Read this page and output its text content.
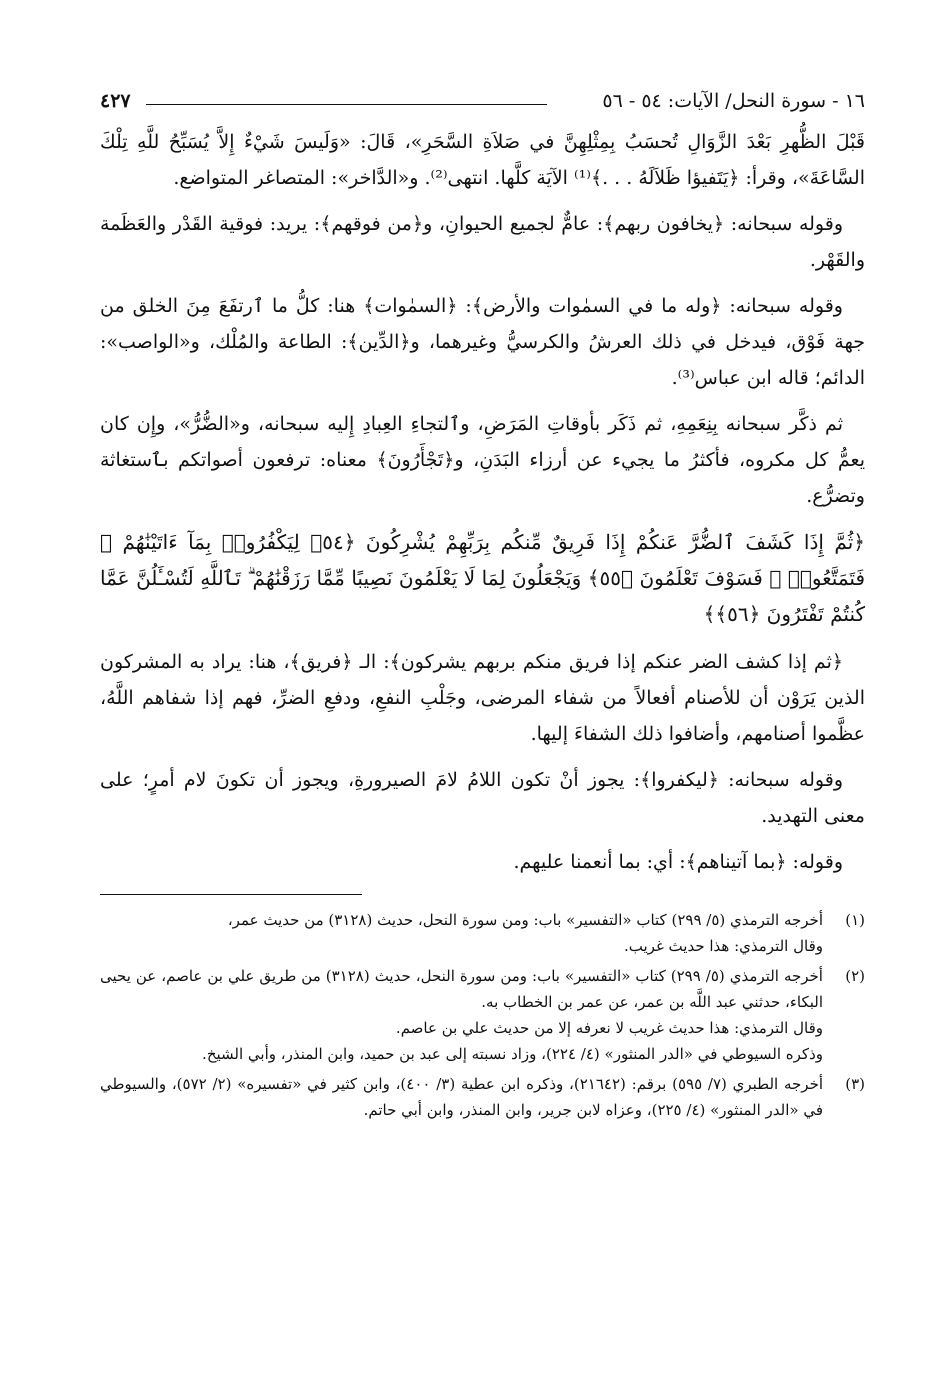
٤٢٧	١٦ - سورة النحل/ الآيات: ٥٤ - ٥٦

قَبْلَ الظُّهرِ بَعْدَ الزَّوَالِ تُحسَبُ بِمِثْلِهِنَّ في صَلاَةِ السَّحَرِ»، قَالَ: «وَلَيسَ شَيْءٌ إِلاَّ يُسَبِّحُ للَّهِ تِلْكَ السَّاعَةَ»، وقرأ: ﴿يَتَفيؤا ظَلاَلَهُ . . .﴾⁽¹⁾ الآيَة كلَّها. انتهى⁽²⁾. و«الدَّاخر»: المتصاغر المتواضع.

وقوله سبحانه: ﴿يخافون ربهم﴾: عامٌّ لجميع الحيوانِ، و﴿من فوقهم﴾: يريد: فوقية القَدْر والعَظَمة والقَهْر.

وقوله سبحانه: ﴿وله ما في السمٰوات والأرض﴾: ﴿السمٰوات﴾ هنا: كلُّ ما ٱرتفَعَ مِنَ الخلق من جهة فَوْق، فيدخل في ذلك العرشُ والكرسيُّ وغيرهما، و﴿الدِّين﴾: الطاعة والمُلْك، و«الواصب»: الدائم؛ قاله ابن عباس⁽³⁾.

ثم ذكَّر سبحانه بِنِعَمِهِ، ثم ذَكَر بأوقاتِ المَرَضِ، وٱلتجاءِ العِبادِ إِليه سبحانه، و«الضُّرُّ»، وإِن كان يعمُّ كل مكروه، فأكثرُ ما يجيء عن أرزاء البَدَنِ، و﴿تَجْأَرُونَ﴾ معناه: ترفعون أصواتكم بٱستغاثة وتضرُّع.

﴿ثُمَّ إِذَا كَشَفَ ٱلضُّرَّ عَنكُمْ إِذَا فَرِيقٌ مِّنكُم بِرَبِّهِمْ يُشْرِكُونَ ﴿٥٤﴾ لِيَكْفُرُوا۟ بِمَآ ءَاتَيْنَٰهُمْ ۚ فَتَمَتَّعُوا۟ ۖ فَسَوْفَ تَعْلَمُونَ ﴿٥٥﴾ وَيَجْعَلُونَ لِمَا لَا يَعْلَمُونَ نَصِيبًا مِّمَّا رَزَقْنَٰهُمْ ۗ تَٱللَّهِ لَتُسْـَٔلُنَّ عَمَّا كُنتُمْ تَفْتَرُونَ ﴿٥٦﴾﴾

﴿ثم إذا كشف الضر عنكم إذا فريق منكم بربهم يشركون﴾: الـ ﴿فريق﴾، هنا: يراد به المشركون الذين يَرَوْن أن للأصنام أفعالاً من شفاء المرضى، وجَلْبِ النفعِ، ودفعِ الضرِّ، فهم إذا شفاهم اللَّهُ، عظَّموا أصنامهم، وأضافوا ذلك الشفاءَ إليها.

وقوله سبحانه: ﴿ليكفروا﴾: يجوز أنْ تكون اللامُ لامَ الصيرورةِ، ويجوز أن تكونَ لام أمرٍ؛ على معنى التهديد.

وقوله: ﴿بما آتيناهم﴾: أي: بما أنعمنا عليهم.

(١)
أخرجه الترمذي (٥/ ٢٩٩) كتاب «التفسير» باب: ومن سورة النحل، حديث (٣١٢٨) من حديث عمر،
وقال الترمذي: هذا حديث غريب.
(٢)
أخرجه الترمذي (٥/ ٢٩٩) كتاب «التفسير» باب: ومن سورة النحل، حديث (٣١٢٨) من طريق علي بن عاصم، عن يحيى البكاء، حدثني عبد اللَّه بن عمر، عن عمر بن الخطاب به.
وقال الترمذي: هذا حديث غريب لا نعرفه إلا من حديث علي بن عاصم.
وذكره السيوطي في «الدر المنثور» (٤/ ٢٢٤)، وزاد نسبته إلى عبد بن حميد، وابن المنذر، وأبي الشيخ.
(٣)
أخرجه الطبري (٧/ ٥٩٥) برقم: (٢١٦٤٢)، وذكره ابن عطية (٣/ ٤٠٠)، وابن كثير في «تفسيره» (٢/ ٥٧٢)، والسيوطي في «الدر المنثور» (٤/ ٢٢٥)، وعزاه لابن جرير، وابن المنذر، وابن أبي حاتم.
